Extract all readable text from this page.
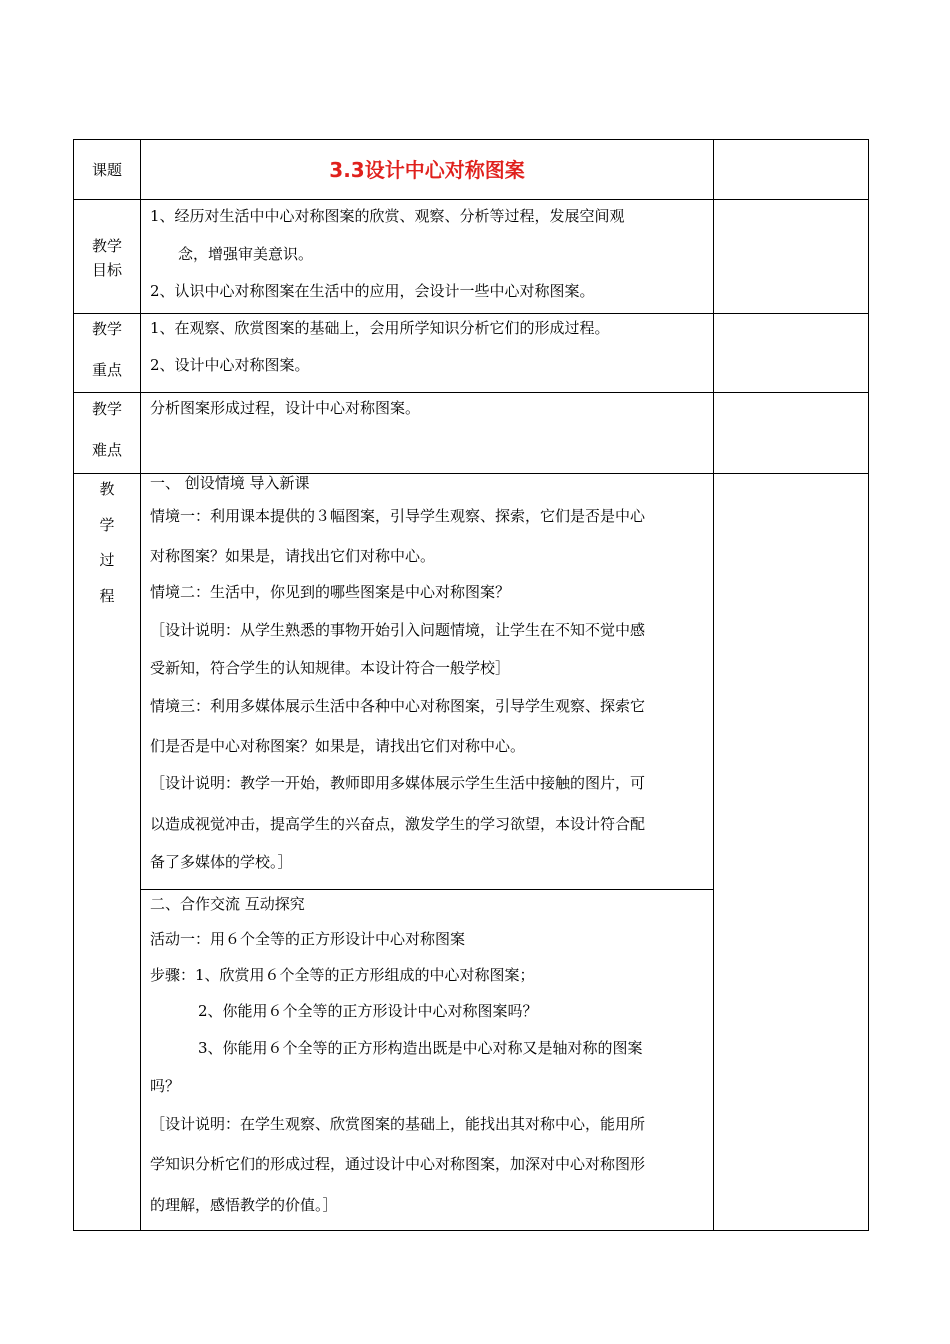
课题	3.3设计中心对称图案
教学
目标
1、经历对生活中中心对称图案的欣赏、观察、分析等过程，发展空间观
念，增强审美意识。
2、认识中心对称图案在生活中的应用，会设计一些中心对称图案。
教学
重点
1、在观察、欣赏图案的基础上，会用所学知识分析它们的形成过程。
2、设计中心对称图案。
教学
难点
分析图案形成过程，设计中心对称图案。
教
学
过
程
一、 创设情境 导入新课
情境一：利用课本提供的３幅图案，引导学生观察、探索，它们是否是中心
对称图案？如果是，请找出它们对称中心。
情境二：生活中，你见到的哪些图案是中心对称图案？
［设计说明：从学生熟悉的事物开始引入问题情境，让学生在不知不觉中感
受新知，符合学生的认知规律。本设计符合一般学校］
情境三：利用多媒体展示生活中各种中心对称图案，引导学生观察、探索它
们是否是中心对称图案？如果是，请找出它们对称中心。
［设计说明：教学一开始，教师即用多媒体展示学生生活中接触的图片，可
以造成视觉冲击，提高学生的兴奋点，激发学生的学习欲望，本设计符合配
备了多媒体的学校。］
二、合作交流 互动探究
活动一：用６个全等的正方形设计中心对称图案
步骤：1、欣赏用６个全等的正方形组成的中心对称图案；
2、你能用６个全等的正方形设计中心对称图案吗？
3、你能用６个全等的正方形构造出既是中心对称又是轴对称的图案
吗？
［设计说明：在学生观察、欣赏图案的基础上，能找出其对称中心，能用所
学知识分析它们的形成过程，通过设计中心对称图案，加深对中心对称图形
的理解，感悟教学的价值。］
